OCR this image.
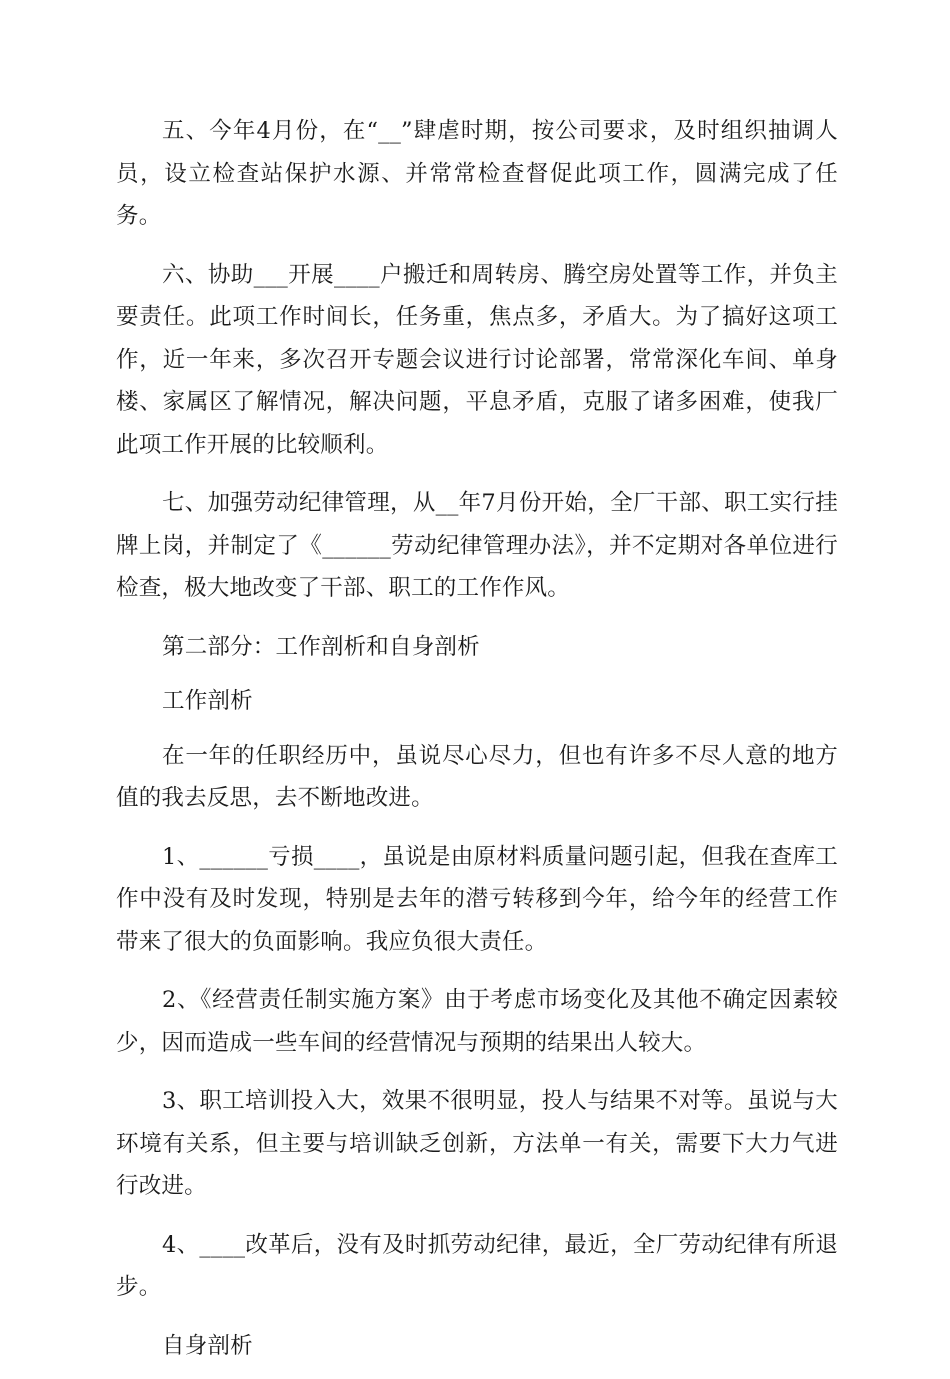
五、今年4月份，在“__”肆虐时期，按公司要求，及时组织抽调人员，设立检查站保护水源、并常常检查督促此项工作，圆满完成了任务。

六、协助___开展____户搬迁和周转房、腾空房处置等工作，并负主要责任。此项工作时间长，任务重，焦点多，矛盾大。为了搞好这项工作，近一年来，多次召开专题会议进行讨论部署，常常深化车间、单身楼、家属区了解情况，解决问题，平息矛盾，克服了诸多困难，使我厂此项工作开展的比较顺利。

七、加强劳动纪律管理，从__年7月份开始，全厂干部、职工实行挂牌上岗，并制定了《______劳动纪律管理办法》，并不定期对各单位进行检查，极大地改变了干部、职工的工作作风。

第二部分：工作剖析和自身剖析

工作剖析

在一年的任职经历中，虽说尽心尽力，但也有许多不尽人意的地方值的我去反思，去不断地改进。

1、______亏损____，虽说是由原材料质量问题引起，但我在查库工作中没有及时发现，特别是去年的潜亏转移到今年，给今年的经营工作带来了很大的负面影响。我应负很大责任。

2、《经营责任制实施方案》由于考虑市场变化及其他不确定因素较少，因而造成一些车间的经营情况与预期的结果出人较大。

3、职工培训投入大，效果不很明显，投人与结果不对等。虽说与大环境有关系，但主要与培训缺乏创新，方法单一有关，需要下大力气进行改进。

4、____改革后，没有及时抓劳动纪律，最近，全厂劳动纪律有所退步。

自身剖析
